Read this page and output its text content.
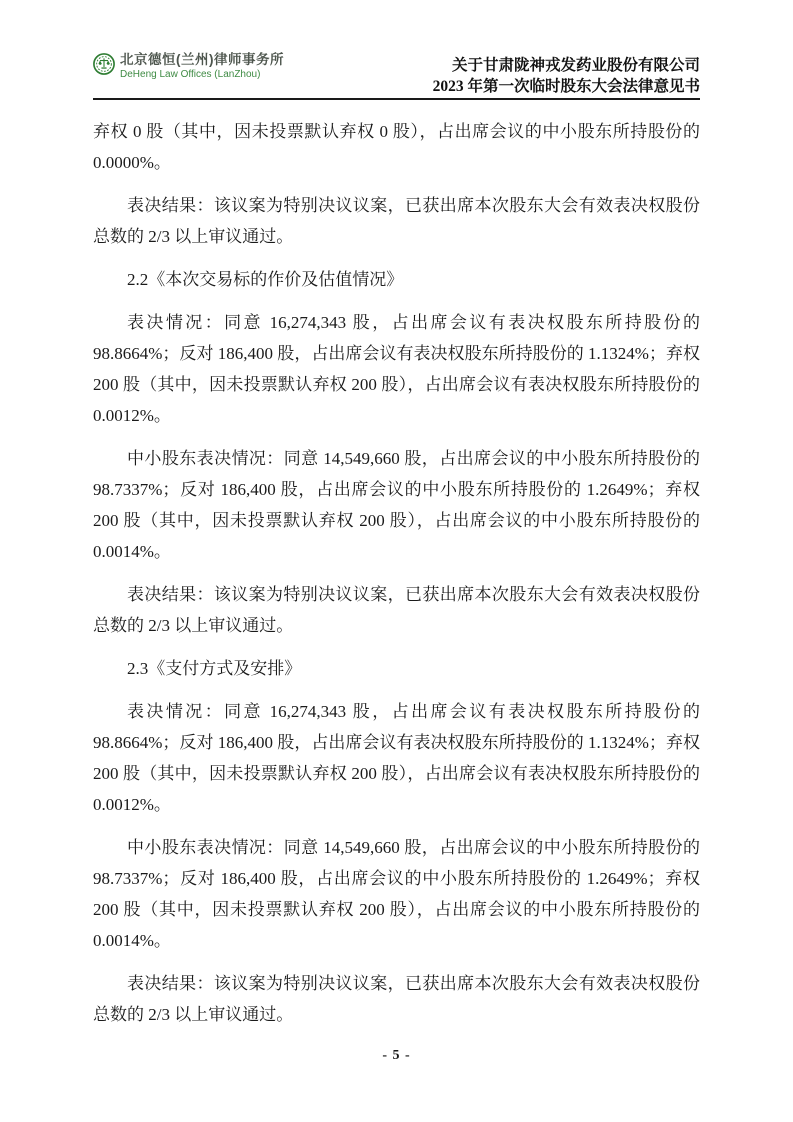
北京德恒(兰州)律师事务所
DeHeng Law Offices (LanZhou)
关于甘肃陇神戎发药业股份有限公司
2023 年第一次临时股东大会法律意见书

弃权 0 股（其中，因未投票默认弃权 0 股），占出席会议的中小股东所持股份的 0.0000%。

表决结果：该议案为特别决议议案，已获出席本次股东大会有效表决权股份总数的 2/3 以上审议通过。

2.2《本次交易标的作价及估值情况》

表决情况：同意 16,274,343 股，占出席会议有表决权股东所持股份的 98.8664%；反对 186,400 股，占出席会议有表决权股东所持股份的 1.1324%；弃权 200 股（其中，因未投票默认弃权 200 股），占出席会议有表决权股东所持股份的 0.0012%。

中小股东表决情况：同意 14,549,660 股，占出席会议的中小股东所持股份的 98.7337%；反对 186,400 股，占出席会议的中小股东所持股份的 1.2649%；弃权 200 股（其中，因未投票默认弃权 200 股），占出席会议的中小股东所持股份的 0.0014%。

表决结果：该议案为特别决议议案，已获出席本次股东大会有效表决权股份总数的 2/3 以上审议通过。

2.3《支付方式及安排》

表决情况：同意 16,274,343 股，占出席会议有表决权股东所持股份的 98.8664%；反对 186,400 股，占出席会议有表决权股东所持股份的 1.1324%；弃权 200 股（其中，因未投票默认弃权 200 股），占出席会议有表决权股东所持股份的 0.0012%。

中小股东表决情况：同意 14,549,660 股，占出席会议的中小股东所持股份的 98.7337%；反对 186,400 股，占出席会议的中小股东所持股份的 1.2649%；弃权 200 股（其中，因未投票默认弃权 200 股），占出席会议的中小股东所持股份的 0.0014%。

表决结果：该议案为特别决议议案，已获出席本次股东大会有效表决权股份总数的 2/3 以上审议通过。

- 5 -
